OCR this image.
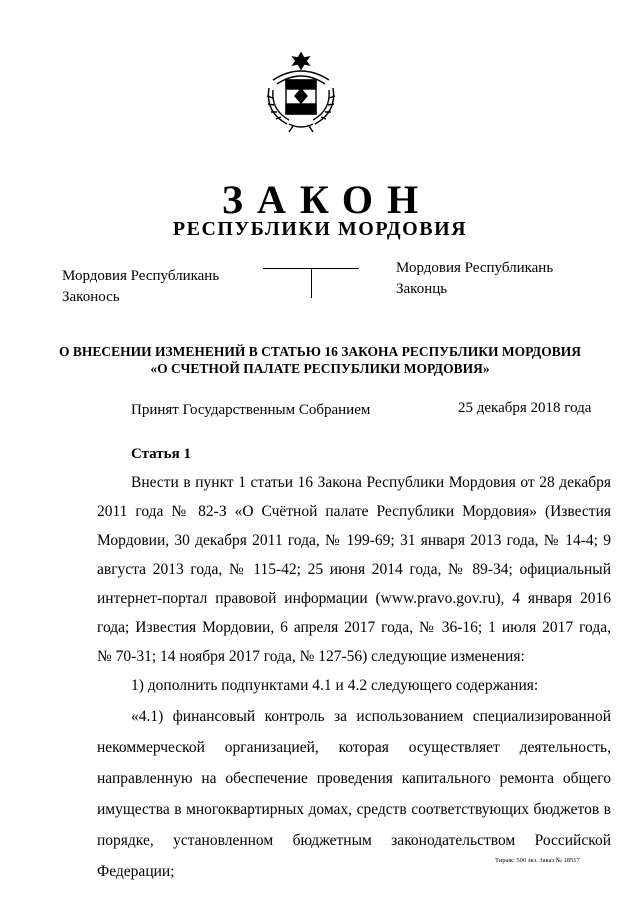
ЗАКОН
РЕСПУБЛИКИ МОРДОВИЯ
Мордовия Республикань
Законось
Мордовия Республикань
Законць
О ВНЕСЕНИИ ИЗМЕНЕНИЙ В СТАТЬЮ 16 ЗАКОНА РЕСПУБЛИКИ МОРДОВИЯ
«О СЧЕТНОЙ ПАЛАТЕ РЕСПУБЛИКИ МОРДОВИЯ»
Принят Государственным Собранием	25 декабря 2018 года
Статья 1
Внести в пункт 1 статьи 16 Закона Республики Мордовия от 28 декабря
2011 года № 82-З «О Счётной палате Республики Мордовия» (Известия
Мордовии, 30 декабря 2011 года, № 199-69; 31 января 2013 года, № 14-4; 9
августа 2013 года, № 115-42; 25 июня 2014 года, № 89-34; официальный
интернет-портал правовой информации (www.pravo.gov.ru), 4 января 2016
года; Известия Мордовии, 6 апреля 2017 года, № 36-16; 1 июля 2017 года,
№ 70-31; 14 ноября 2017 года, № 127-56) следующие изменения:
1) дополнить подпунктами 4.1 и 4.2 следующего содержания:
«4.1) финансовый контроль за использованием специализированной
некоммерческой организацией, которая осуществляет деятельность,
направленную на обеспечение проведения капитального ремонта общего
имущества в многоквартирных домах, средств соответствующих бюджетов в
порядке, установленном бюджетным законодательством Российской
Федерации;
Тираж: 500 экз. Заказ № 18517
